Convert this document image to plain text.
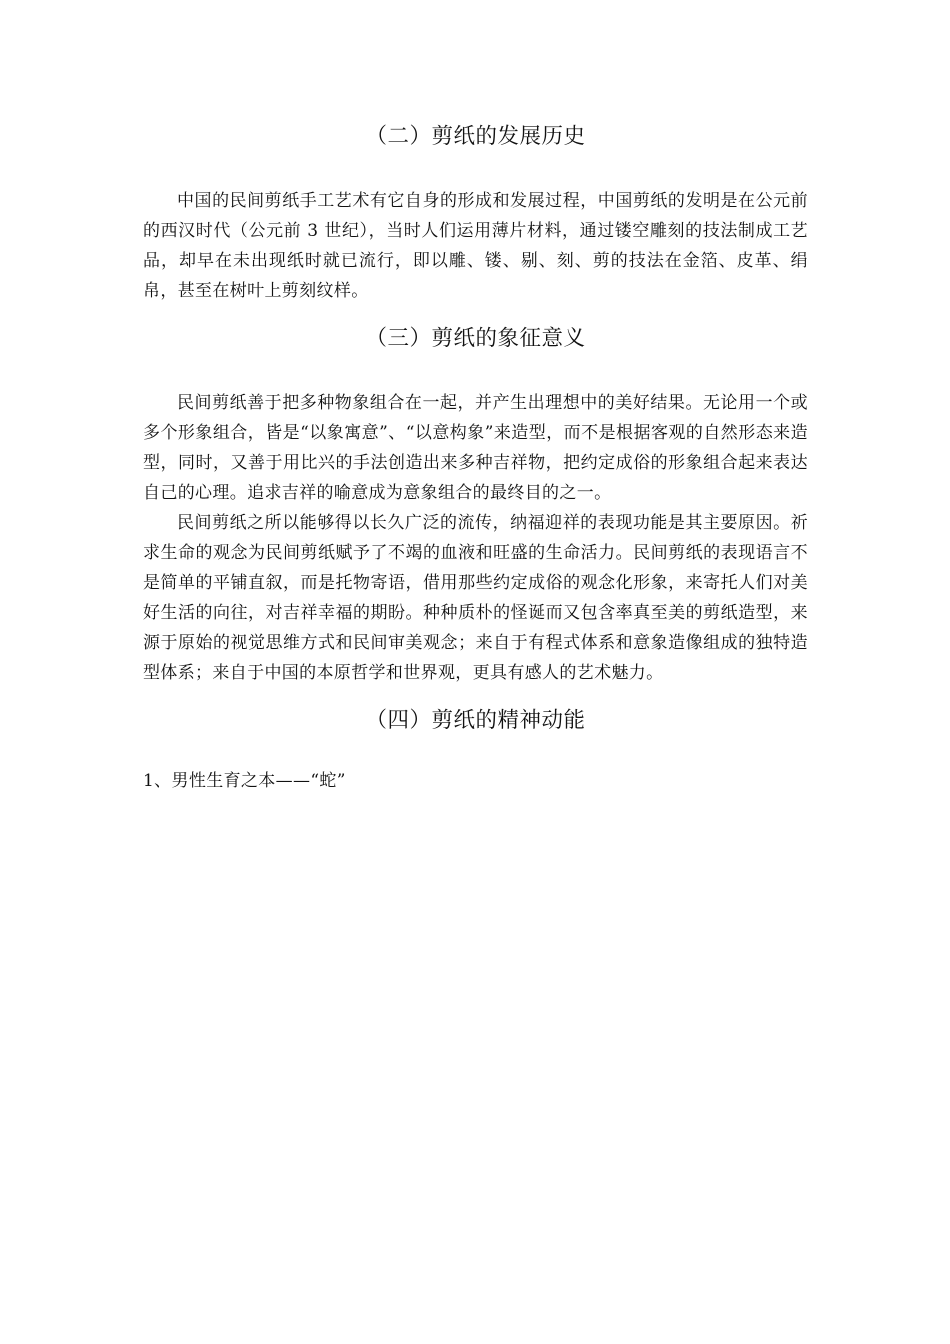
（二）剪纸的发展历史

中国的民间剪纸手工艺术有它自身的形成和发展过程，中国剪纸的发明是在公元前的西汉时代（公元前 3 世纪），当时人们运用薄片材料，通过镂空雕刻的技法制成工艺品，却早在未出现纸时就已流行，即以雕、镂、剔、刻、剪的技法在金箔、皮革、绢帛，甚至在树叶上剪刻纹样。

（三）剪纸的象征意义

民间剪纸善于把多种物象组合在一起，并产生出理想中的美好结果。无论用一个或多个形象组合，皆是“以象寓意”、“以意构象”来造型，而不是根据客观的自然形态来造型，同时，又善于用比兴的手法创造出来多种吉祥物，把约定成俗的形象组合起来表达自己的心理。追求吉祥的喻意成为意象组合的最终目的之一。

民间剪纸之所以能够得以长久广泛的流传，纳福迎祥的表现功能是其主要原因。祈求生命的观念为民间剪纸赋予了不竭的血液和旺盛的生命活力。民间剪纸的表现语言不是简单的平铺直叙，而是托物寄语，借用那些约定成俗的观念化形象，来寄托人们对美好生活的向往，对吉祥幸福的期盼。种种质朴的怪诞而又包含率真至美的剪纸造型，来源于原始的视觉思维方式和民间审美观念；来自于有程式体系和意象造像组成的独特造型体系；来自于中国的本原哲学和世界观，更具有感人的艺术魅力。

（四）剪纸的精神动能

1、男性生育之本——“蛇”
